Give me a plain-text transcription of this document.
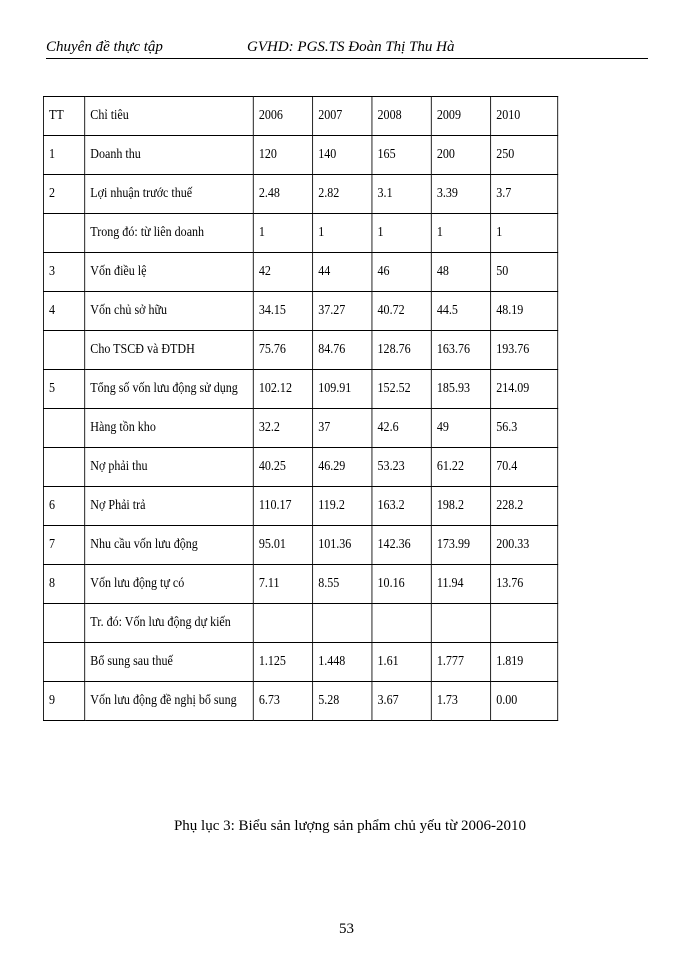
Chuyên đề thực tập	GVHD: PGS.TS Đoàn Thị Thu Hà
TT	Chỉ tiêu	2006	2007	2008	2009	2010
1	Doanh thu	120	140	165	200	250
2	Lợi nhuận trước thuế	2.48	2.82	3.1	3.39	3.7
	Trong đó: từ liên doanh	1	1	1	1	1
3	Vốn điều lệ	42	44	46	48	50
4	Vốn chủ sở hữu	34.15	37.27	40.72	44.5	48.19
	Cho TSCĐ và ĐTDH	75.76	84.76	128.76	163.76	193.76
5	Tổng số vốn lưu động sử dụng	102.12	109.91	152.52	185.93	214.09
	Hàng tồn kho	32.2	37	42.6	49	56.3
	Nợ phải thu	40.25	46.29	53.23	61.22	70.4
6	Nợ Phải trả	110.17	119.2	163.2	198.2	228.2
7	Nhu cầu vốn lưu động	95.01	101.36	142.36	173.99	200.33
8	Vốn lưu động tự có	7.11	8.55	10.16	11.94	13.76
	Tr. đó: Vốn lưu động dự kiến					
	Bổ sung sau thuế	1.125	1.448	1.61	1.777	1.819
9	Vốn lưu động đề nghị bổ sung	6.73	5.28	3.67	1.73	0.00
Phụ lục 3: Biểu sản lượng sản phẩm chủ yếu từ 2006-2010
53
